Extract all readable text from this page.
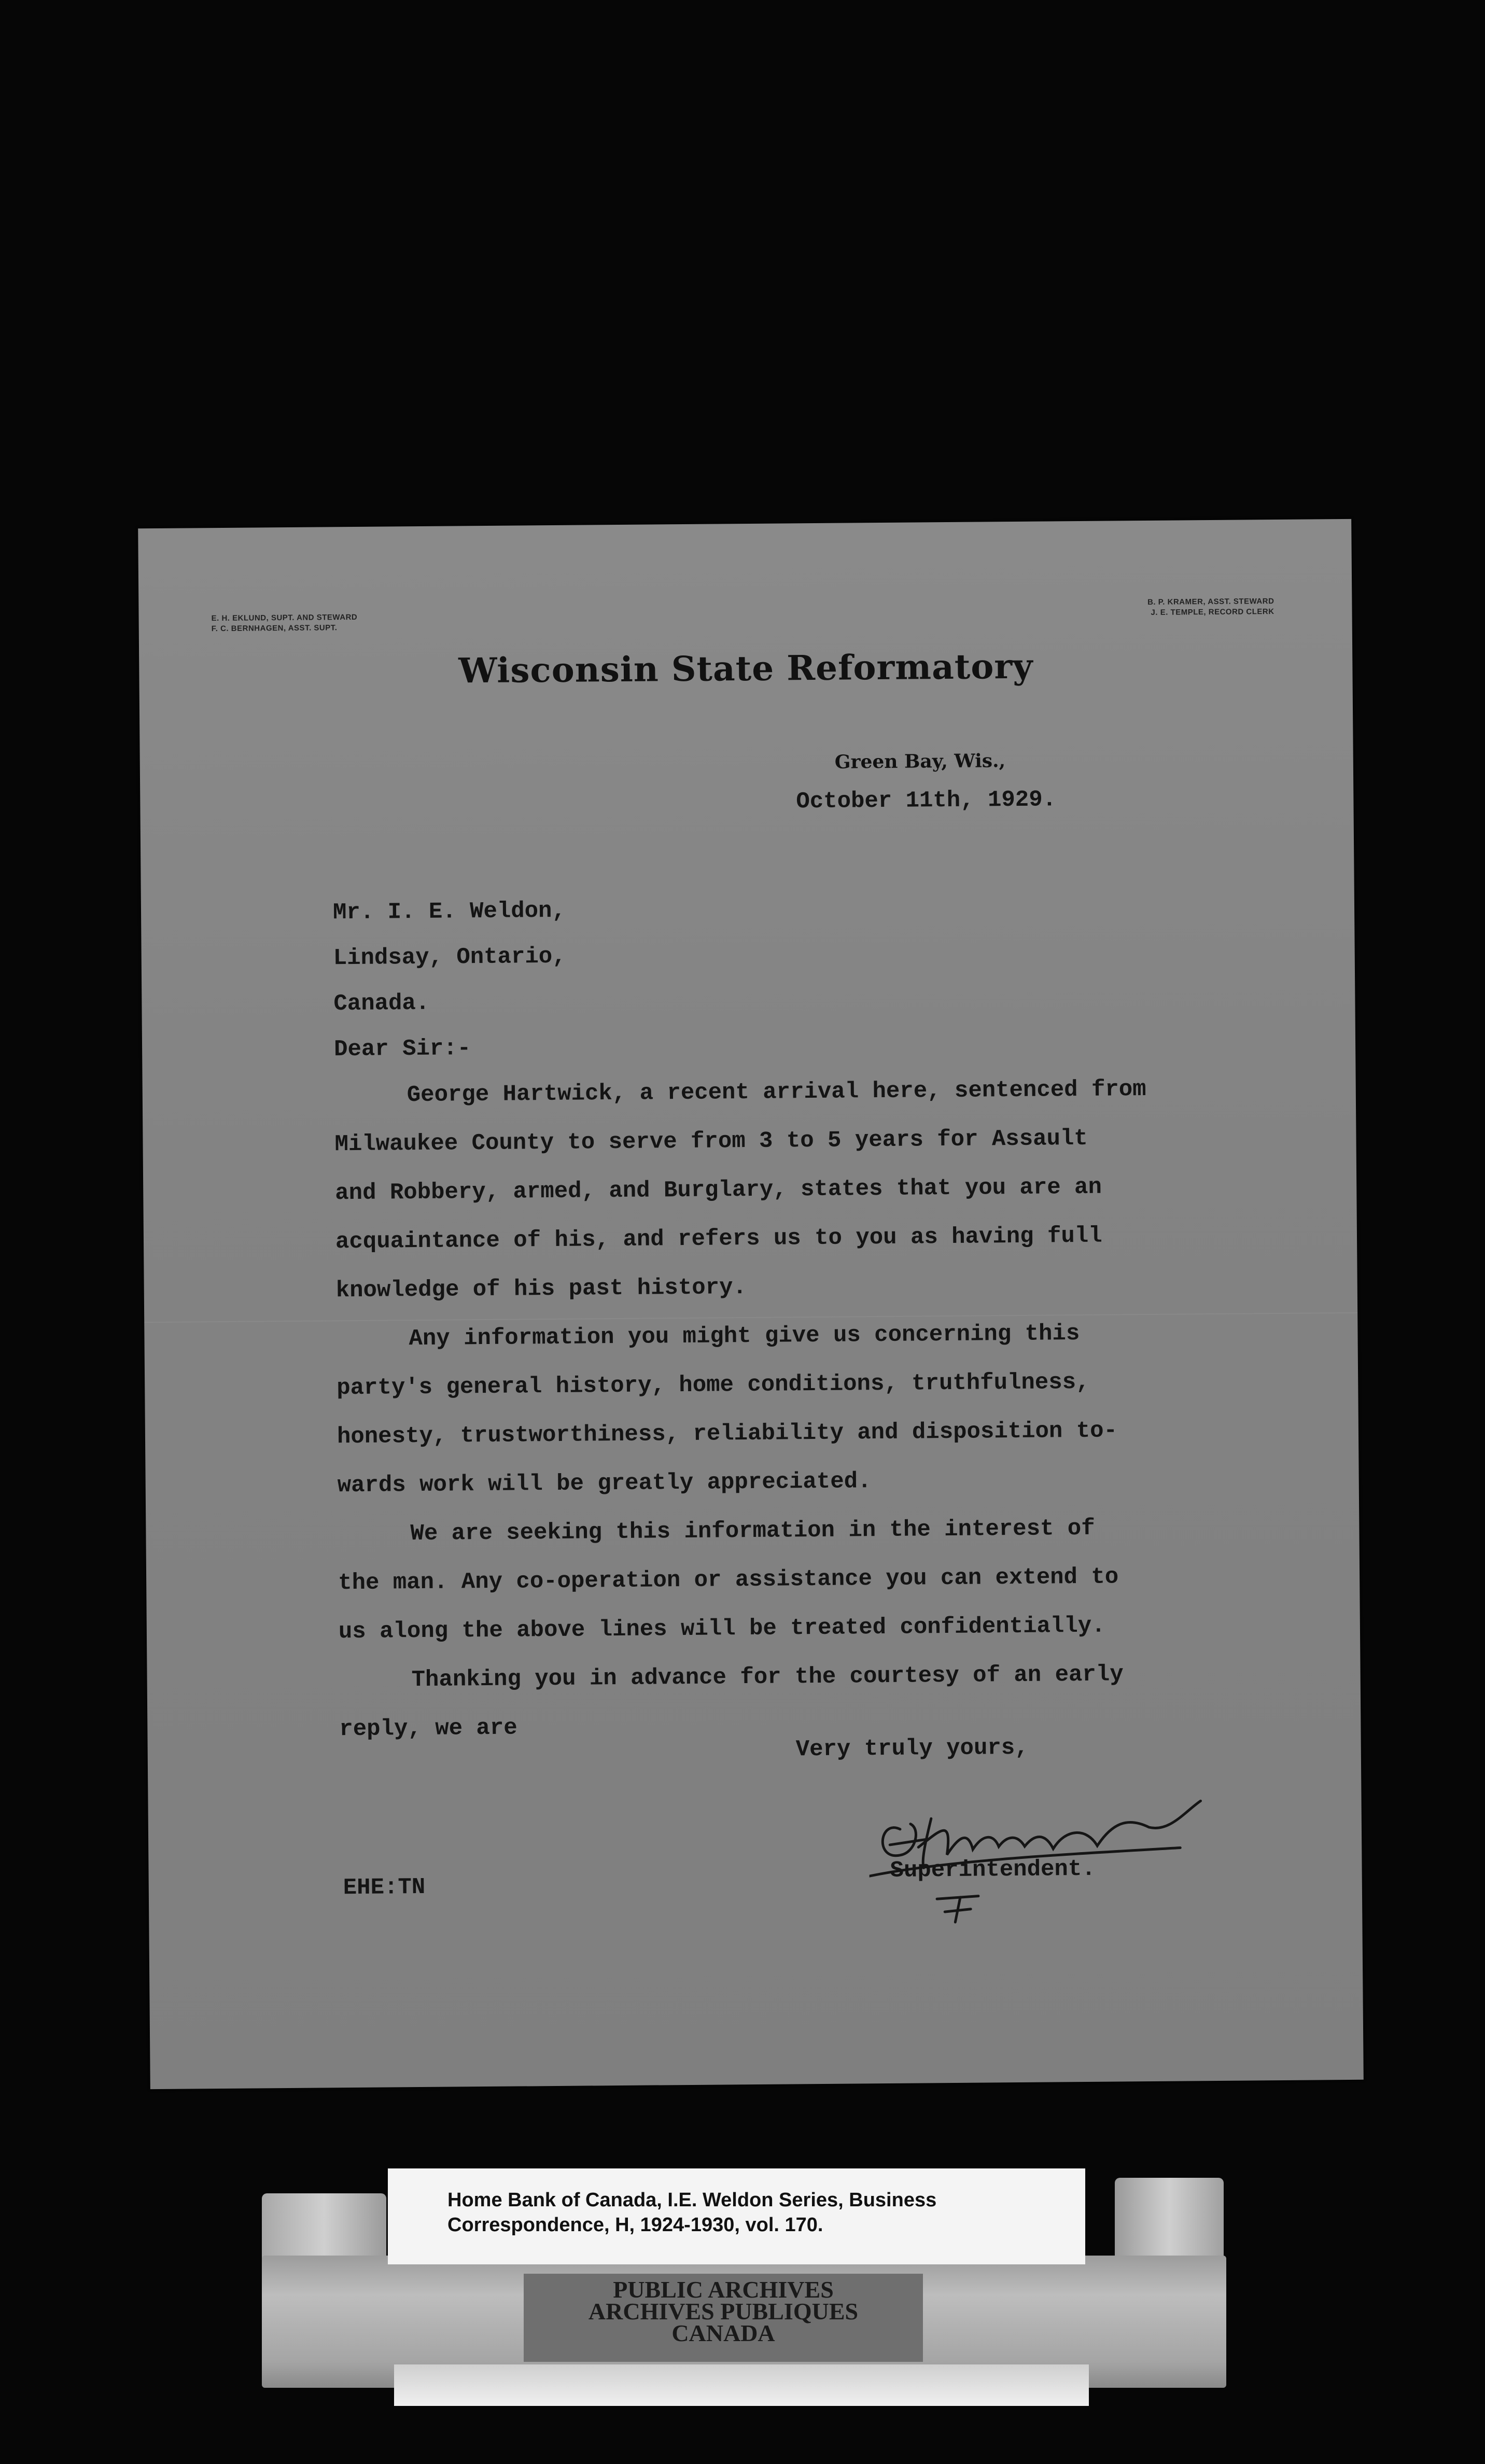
E. H. EKLUND, SUPT. AND STEWARD
F. C. BERNHAGEN, ASST. SUPT.
B. P. KRAMER, ASST. STEWARD
J. E. TEMPLE, RECORD CLERK
Wisconsin State Reformatory
Green Bay, Wis.,
October 11th, 1929.
Mr. I. E. Weldon,
Lindsay, Ontario,
Canada.
Dear Sir:-

George Hartwick, a recent arrival here, sentenced from

Milwaukee County to serve from 3 to 5 years for Assault

and Robbery, armed, and Burglary, states that you are an

acquaintance of his, and refers us to you as having full

knowledge of his past history.

Any information you might give us concerning this

party's general history, home conditions, truthfulness,

honesty, trustworthiness, reliability and disposition to-

wards work will be greatly appreciated.

We are seeking this information in the interest of

the man. Any co-operation or assistance you can extend to

us along the above lines will be treated confidentially.

Thanking you in advance for the courtesy of an early

reply, we are

Very truly yours,
Superintendent.
EHE:TN
Home Bank of Canada, I.E. Weldon Series, Business
Correspondence, H, 1924-1930, vol. 170.
PUBLIC ARCHIVES
ARCHIVES PUBLIQUES
CANADA
